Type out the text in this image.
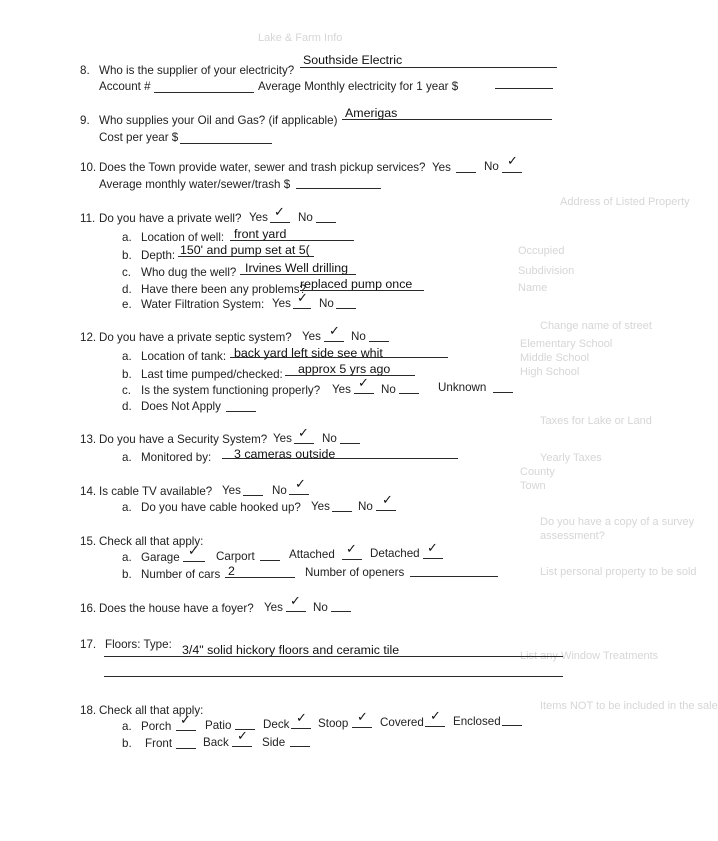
Lake & Farm Info
Address of Listed Property
Occupied
Subdivision
Name
Change name of street
Elementary School
Middle School
High School
Taxes for Lake or Land
Yearly Taxes
County
Town
Do you have a copy of a survey
assessment?
List personal property to be sold
List any Window Treatments
Items NOT to be included in the sale
8. Who is the supplier of your electricity?
Southside Electric
Account #	Average Monthly electricity for 1 year $
9. Who supplies your Oil and Gas? (if applicable)
Amerigas
Cost per year $
10. Does the Town provide water, sewer and trash pickup services? Yes	No ✓
Average monthly water/sewer/trash $
11. Do you have a private well? Yes ✓ No
a. Location of well: front yard
b. Depth: 150' and pump set at 5(
c. Who dug the well? Irvines Well drilling
d. Have there been any problems?
replaced pump once
e. Water Filtration System: Yes ✓ No
12. Do you have a private septic system? Yes ✓ No
a. Location of tank: back yard left side see whit
b. Last time pumped/checked: approx 5 yrs ago
c. Is the system functioning properly? Yes ✓ No	Unknown
d. Does Not Apply
13. Do you have a Security System? Yes ✓ No
a. Monitored by: 3 cameras outside
14. Is cable TV available? Yes	No ✓
a. Do you have cable hooked up? Yes No ✓
15. Check all that apply:
a. Garage ✓ Carport	Attached ✓ Detached ✓
b. Number of cars 2	Number of openers
16. Does the house have a foyer? Yes ✓ No
17. Floors: Type: 3/4" solid hickory floors and ceramic tile
18. Check all that apply:
a. Porch ✓ Patio	Deck ✓ Stoop ✓ Covered ✓ Enclosed
b. Front	Back ✓ Side
